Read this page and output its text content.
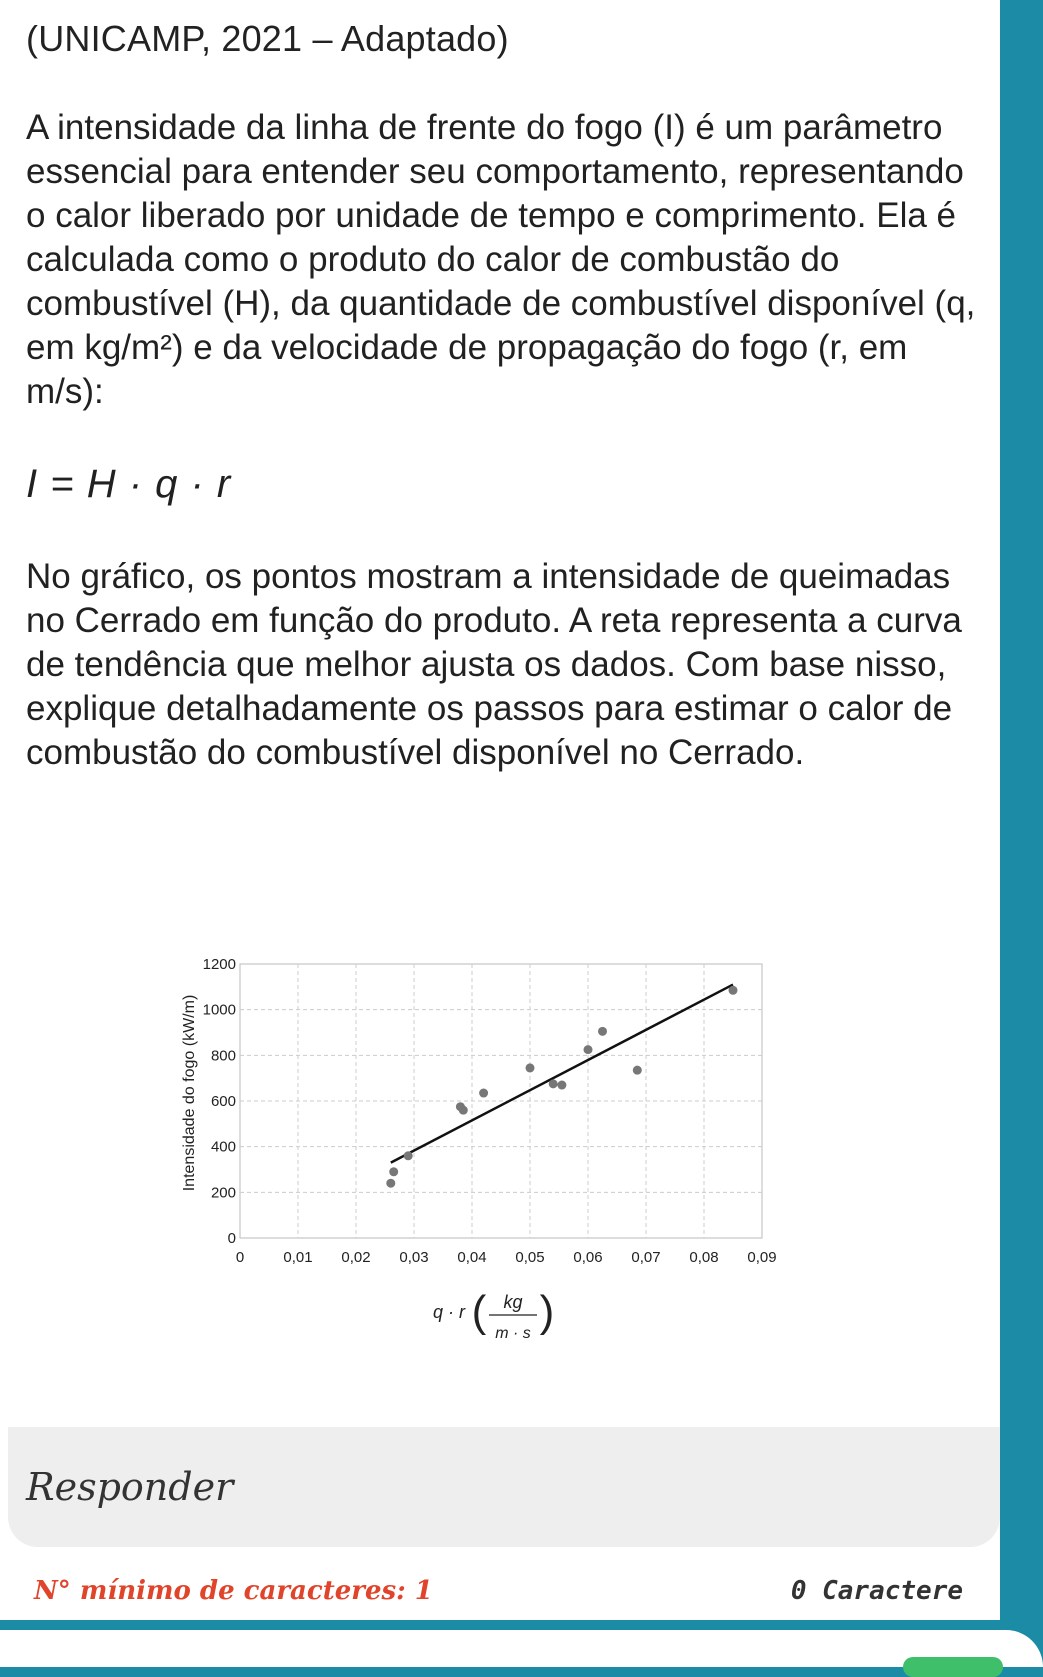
(UNICAMP, 2021 – Adaptado)
A intensidade da linha de frente do fogo (I) é um parâmetro essencial para entender seu comportamento, representando o calor liberado por unidade de tempo e comprimento. Ela é calculada como o produto do calor de combustão do combustível (H), da quantidade de combustível disponível (q, em kg/m²) e da velocidade de propagação do fogo (r, em m/s):
I = H · q · r
No gráfico, os pontos mostram a intensidade de queimadas no Cerrado em função do produto. A reta representa a curva de tendência que melhor ajusta os dados. Com base nisso, explique detalhadamente os passos para estimar o calor de combustão do combustível disponível no Cerrado.
0	0,01 0,02 0,03 0,04 0,05 0,06 0,07 0,08 0,09
0
200
400
600
800
1000
1200
Intensidade do fogo (kW/m)
q · r ( kg
m · s )
Responder
N° mínimo de caracteres: 1	0 Caractere
